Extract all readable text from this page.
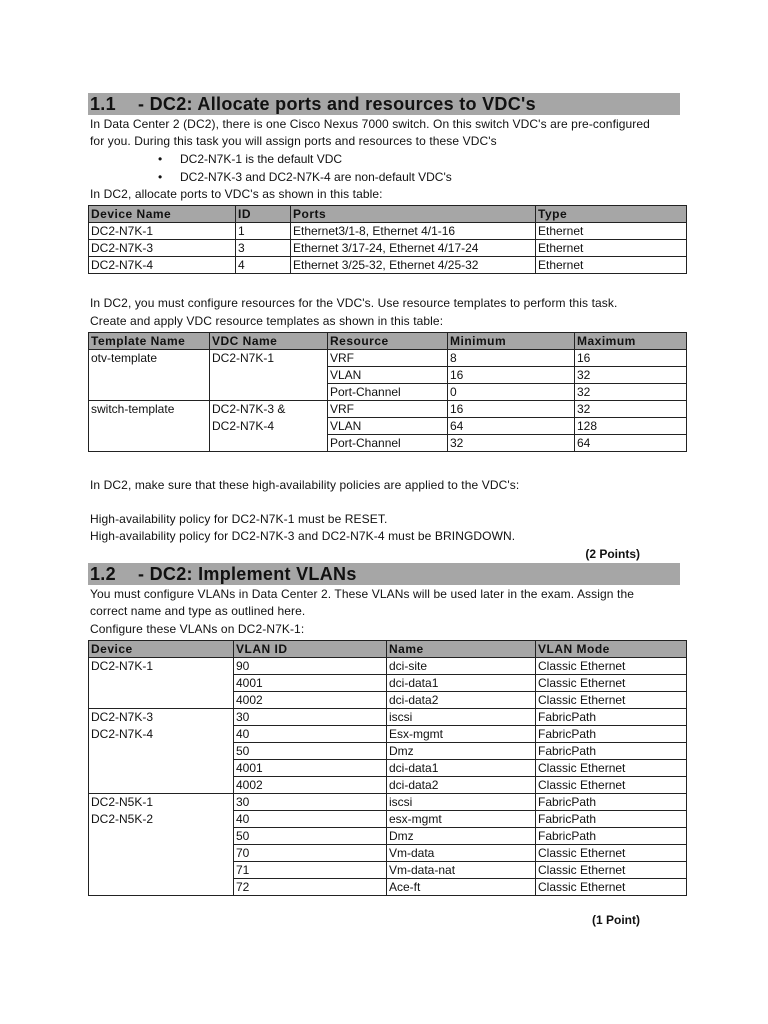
1.1 - DC2: Allocate ports and resources to VDC's
In Data Center 2 (DC2), there is one Cisco Nexus 7000 switch. On this switch VDC's are pre-configured
for you. During this task you will assign ports and resources to these VDC's
• DC2-N7K-1 is the default VDC
• DC2-N7K-3 and DC2-N7K-4 are non-default VDC's
In DC2, allocate ports to VDC's as shown in this table:
Device Name	ID	Ports	Type
DC2-N7K-1	1	Ethernet3/1-8, Ethernet 4/1-16	Ethernet
DC2-N7K-3	3	Ethernet 3/17-24, Ethernet 4/17-24	Ethernet
DC2-N7K-4	4	Ethernet 3/25-32, Ethernet 4/25-32	Ethernet
In DC2, you must configure resources for the VDC's. Use resource templates to perform this task.
Create and apply VDC resource templates as shown in this table:
Template Name	VDC Name	Resource	Minimum	Maximum
otv-template	DC2-N7K-1	VRF	8	16
		VLAN	16	32
		Port-Channel	0	32
switch-template	DC2-N7K-3 &
DC2-N7K-4	VRF	16	32
		VLAN	64	128
		Port-Channel	32	64
In DC2, make sure that these high-availability policies are applied to the VDC's:
High-availability policy for DC2-N7K-1 must be RESET.
High-availability policy for DC2-N7K-3 and DC2-N7K-4 must be BRINGDOWN.
(2 Points)
1.2 - DC2: Implement VLANs
You must configure VLANs in Data Center 2. These VLANs will be used later in the exam. Assign the
correct name and type as outlined here.
Configure these VLANs on DC2-N7K-1:
Device	VLAN ID	Name	VLAN Mode
DC2-N7K-1	90	dci-site	Classic Ethernet
	4001	dci-data1	Classic Ethernet
	4002	dci-data2	Classic Ethernet
DC2-N7K-3
DC2-N7K-4	30	iscsi	FabricPath
	40	Esx-mgmt	FabricPath
	50	Dmz	FabricPath
	4001	dci-data1	Classic Ethernet
	4002	dci-data2	Classic Ethernet
DC2-N5K-1
DC2-N5K-2	30	iscsi	FabricPath
	40	esx-mgmt	FabricPath
	50	Dmz	FabricPath
	70	Vm-data	Classic Ethernet
	71	Vm-data-nat	Classic Ethernet
	72	Ace-ft	Classic Ethernet
(1 Point)
